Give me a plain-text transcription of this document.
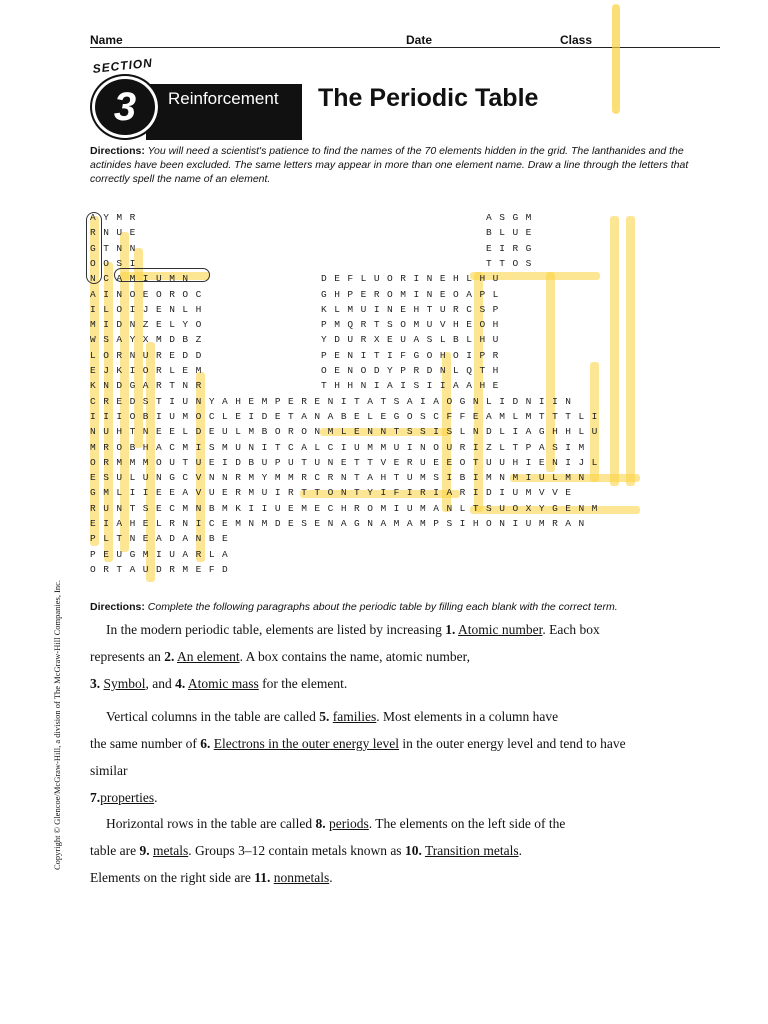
Name	Date	Class
Reinforcement
3
SECTION
The Periodic Table
Directions: You will need a scientist's patience to find the names of the 70 elements hidden in the grid. The lanthanides and the actinides have been excluded. The same letters may appear in more than one element name. Draw a line through the letters that correctly spell the name of an element.
A Y M R                                                     A S G M
R N U E                                                     B L U E
G T N N                                                     E I R G
O O S I                                                     T T O S
N C A M I U M N                    D E F L U O R I N E H L H U
A I N O E O R O C                  G H P E R O M I N E O A P L
I L O I J E N L H                  K L M U I N E H T U R C S P
M I D N Z E L Y O                  P M Q R T S O M U V H E O H
W S A Y X M D B Z                  Y D U R X E U A S L B L H U
L O R N U R E D D                  P E N I T I F G O H O I P R
E J K I O R L E M                  O E N O D Y P R D N L Q T H
K N D G A R T N R                  T H H N I A I S I I A A H E
C R E D S T I U N Y A H E M P E R E N I T A T S A I A O G N L I D N I I N
I I I O B I U M O C L E I D E T A N A B E L E G O S C F F E A M L M T T T L I
N U H T N E E L D E U L M B O R O N M L E N N T S S I S L N D L I A G H H L U
M R O B H A C M I S M U N I T C A L C I U M M U I N O U R I Z L T P A S I M
O R M M M O U T U E I D B U P U T U N E T T V E R U E E O T U U H I E N I J L
E S U L U N G C V N N R M Y M M R C R N T A H T U M S I B I M N M I U L M N
G M L I I E E A V U E R M U I R T T O N T Y I F I R I A R I D I U M V V E
R U N T S E C M N B M K I I U E M E C H R O M I U M A N L T S U O X Y G E N M
E I A H E L R N I C E M N M D E S E N A G N A M A M P S I H O N I U M R A N
P L T N E A D A N B E
P E U G M I U A R L A
O R T A U D R M E F D
Directions: Complete the following paragraphs about the periodic table by filling each blank with the correct term.
In the modern periodic table, elements are listed by increasing 1. Atomic number. Each box
represents an 2. An element. A box contains the name, atomic number,
3. Symbol, and 4. Atomic mass for the element.
Vertical columns in the table are called 5. families. Most elements in a column have
the same number of 6. Electrons in the outer energy level in the outer energy level and tend to have
similar
7.properties.
Horizontal rows in the table are called 8. periods. The elements on the left side of the
table are 9. metals. Groups 3–12 contain metals known as 10. Transition metals.
Elements on the right side are 11. nonmetals.
Copyright © Glencoe/McGraw-Hill, a division of The McGraw-Hill Companies, Inc.
